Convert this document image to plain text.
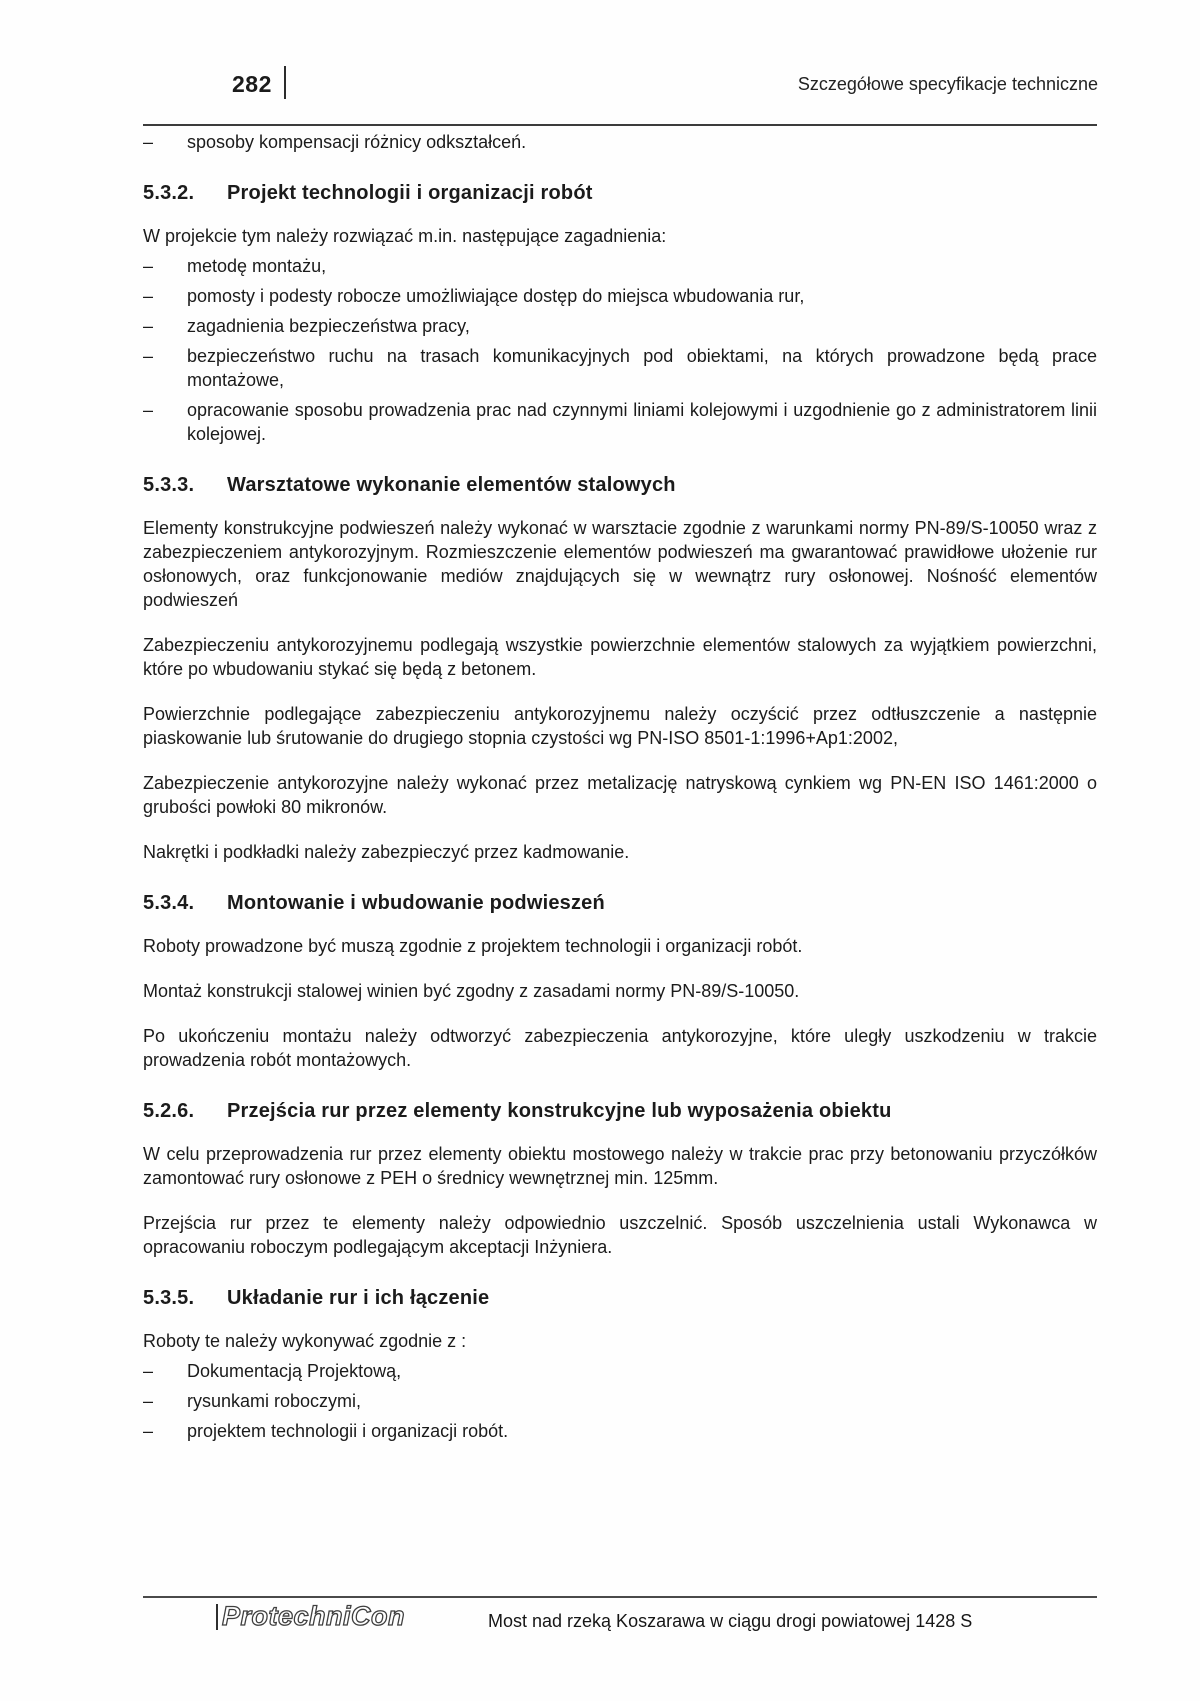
282	Szczegółowe specyfikacje techniczne
– sposoby kompensacji różnicy odkształceń.
5.3.2.	Projekt technologii i organizacji robót

W projekcie tym należy rozwiązać m.in. następujące zagadnienia:

– metodę montażu,
– pomosty i podesty robocze umożliwiające dostęp do miejsca wbudowania rur,
– zagadnienia bezpieczeństwa pracy,
– bezpieczeństwo ruchu na trasach komunikacyjnych pod obiektami, na których prowadzone będą prace montażowe,
– opracowanie sposobu prowadzenia prac nad czynnymi liniami kolejowymi i uzgodnienie go z administratorem linii kolejowej.
5.3.3.	Warsztatowe wykonanie elementów stalowych

Elementy konstrukcyjne podwieszeń należy wykonać w warsztacie zgodnie z warunkami normy PN-89/S-10050 wraz z zabezpieczeniem antykorozyjnym. Rozmieszczenie elementów podwieszeń ma gwarantować prawidłowe ułożenie rur osłonowych, oraz funkcjonowanie mediów znajdujących się w wewnątrz rury osłonowej. Nośność elementów podwieszeń

Zabezpieczeniu antykorozyjnemu podlegają wszystkie powierzchnie elementów stalowych za wyjątkiem powierzchni, które po wbudowaniu stykać się będą z betonem.

Powierzchnie podlegające zabezpieczeniu antykorozyjnemu należy oczyścić przez odtłuszczenie a następnie piaskowanie lub śrutowanie do drugiego stopnia czystości wg PN-ISO 8501-1:1996+Ap1:2002,

Zabezpieczenie antykorozyjne należy wykonać przez metalizację natryskową cynkiem wg PN-EN ISO 1461:2000 o grubości powłoki 80 mikronów.

Nakrętki i podkładki należy zabezpieczyć przez kadmowanie.

5.3.4.	Montowanie i wbudowanie podwieszeń

Roboty prowadzone być muszą zgodnie z projektem technologii i organizacji robót.

Montaż konstrukcji stalowej winien być zgodny z zasadami normy PN-89/S-10050.

Po ukończeniu montażu należy odtworzyć zabezpieczenia antykorozyjne, które uległy uszkodzeniu w trakcie prowadzenia robót montażowych.

5.2.6.	Przejścia rur przez elementy konstrukcyjne lub wyposażenia obiektu

W celu przeprowadzenia rur przez elementy obiektu mostowego należy w trakcie prac przy betonowaniu przyczółków zamontować rury osłonowe z PEH o średnicy wewnętrznej min. 125mm.

Przejścia rur przez te elementy należy odpowiednio uszczelnić. Sposób uszczelnienia ustali Wykonawca w opracowaniu roboczym podlegającym akceptacji Inżyniera.

5.3.5.	Układanie rur i ich łączenie

Roboty te należy wykonywać zgodnie z :

– Dokumentacją Projektową,
– rysunkami roboczymi,
– projektem technologii i organizacji robót.
ProtechniCon	Most nad rzeką Koszarawa w ciągu drogi powiatowej 1428 S
